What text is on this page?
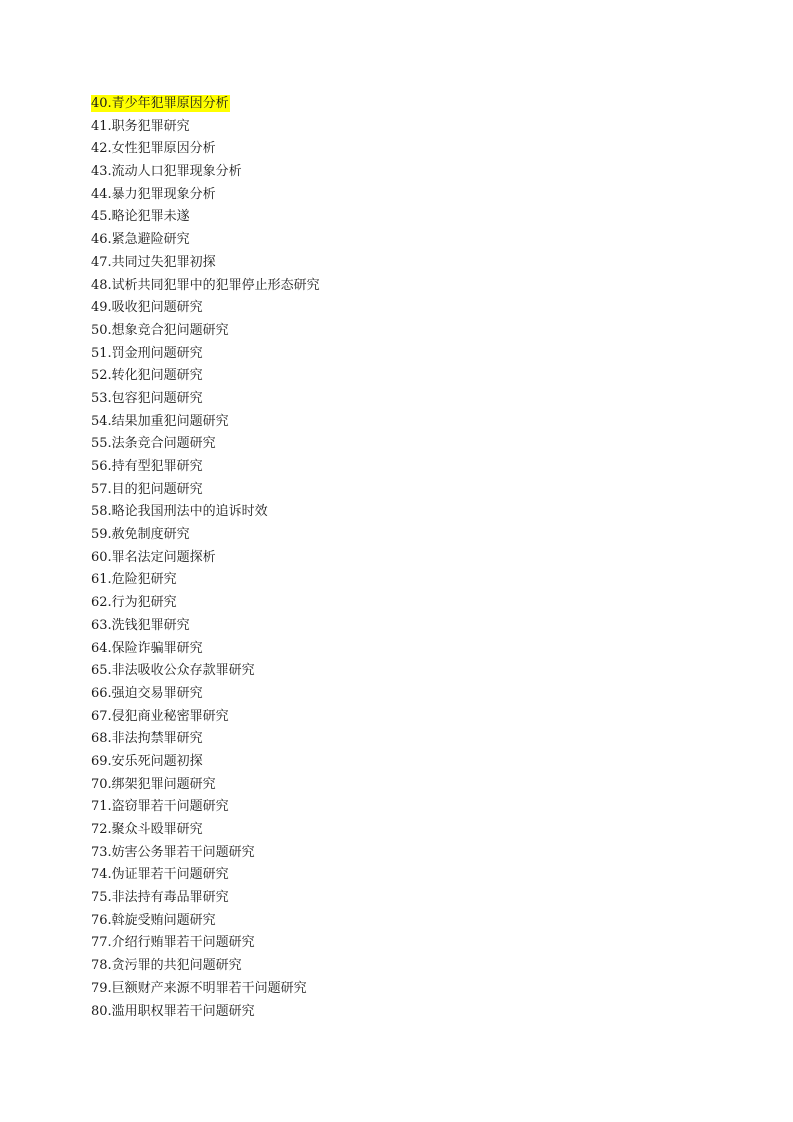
40.青少年犯罪原因分析
41.职务犯罪研究
42.女性犯罪原因分析
43.流动人口犯罪现象分析
44.暴力犯罪现象分析
45.略论犯罪未遂
46.紧急避险研究
47.共同过失犯罪初探
48.试析共同犯罪中的犯罪停止形态研究
49.吸收犯问题研究
50.想象竞合犯问题研究
51.罚金刑问题研究
52.转化犯问题研究
53.包容犯问题研究
54.结果加重犯问题研究
55.法条竞合问题研究
56.持有型犯罪研究
57.目的犯问题研究
58.略论我国刑法中的追诉时效
59.赦免制度研究
60.罪名法定问题探析
61.危险犯研究
62.行为犯研究
63.洗钱犯罪研究
64.保险诈骗罪研究
65.非法吸收公众存款罪研究
66.强迫交易罪研究
67.侵犯商业秘密罪研究
68.非法拘禁罪研究
69.安乐死问题初探
70.绑架犯罪问题研究
71.盗窃罪若干问题研究
72.聚众斗殴罪研究
73.妨害公务罪若干问题研究
74.伪证罪若干问题研究
75.非法持有毒品罪研究
76.斡旋受贿问题研究
77.介绍行贿罪若干问题研究
78.贪污罪的共犯问题研究
79.巨额财产来源不明罪若干问题研究
80.滥用职权罪若干问题研究
